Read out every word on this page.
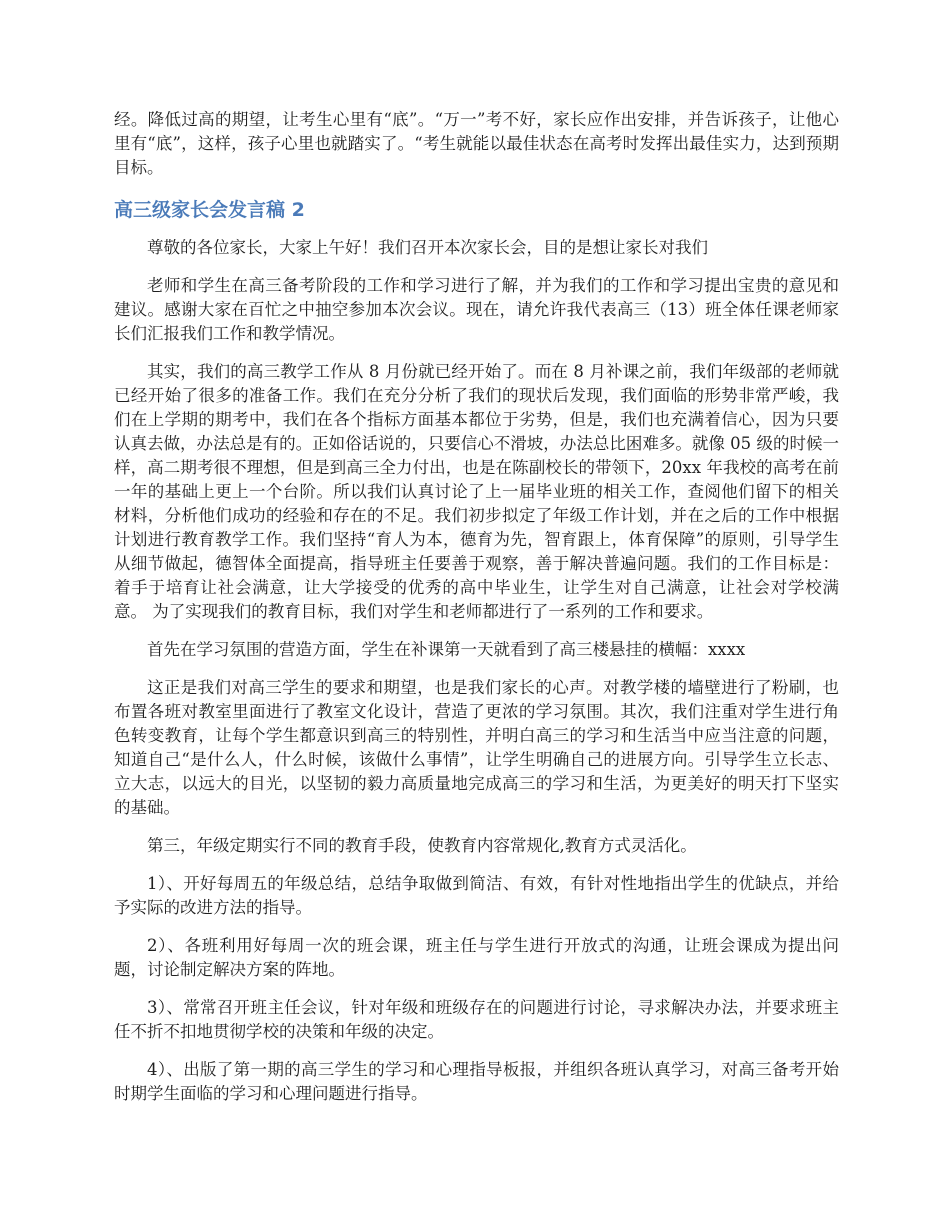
经。降低过高的期望，让考生心里有“底”。“万一”考不好，家长应作出安排，并告诉孩子，让他心里有“底”，这样，孩子心里也就踏实了。“考生就能以最佳状态在高考时发挥出最佳实力，达到预期目标。

高三级家长会发言稿 2

尊敬的各位家长，大家上午好！我们召开本次家长会，目的是想让家长对我们

老师和学生在高三备考阶段的工作和学习进行了解，并为我们的工作和学习提出宝贵的意见和建议。感谢大家在百忙之中抽空参加本次会议。现在，请允许我代表高三（13）班全体任课老师家长们汇报我们工作和教学情况。

其实，我们的高三教学工作从 8 月份就已经开始了。而在 8 月补课之前，我们年级部的老师就已经开始了很多的准备工作。我们在充分分析了我们的现状后发现，我们面临的形势非常严峻，我们在上学期的期考中，我们在各个指标方面基本都位于劣势，但是，我们也充满着信心，因为只要认真去做，办法总是有的。正如俗话说的，只要信心不滑坡，办法总比困难多。就像 05 级的时候一样，高二期考很不理想，但是到高三全力付出，也是在陈副校长的带领下，20xx 年我校的高考在前一年的基础上更上一个台阶。所以我们认真讨论了上一届毕业班的相关工作，查阅他们留下的相关材料，分析他们成功的经验和存在的不足。我们初步拟定了年级工作计划，并在之后的工作中根据计划进行教育教学工作。我们坚持“育人为本，德育为先，智育跟上，体育保障”的原则，引导学生从细节做起，德智体全面提高，指导班主任要善于观察，善于解决普遍问题。我们的工作目标是：着手于培育让社会满意，让大学接受的优秀的高中毕业生，让学生对自己满意，让社会对学校满意。 为了实现我们的教育目标，我们对学生和老师都进行了一系列的工作和要求。

首先在学习氛围的营造方面，学生在补课第一天就看到了高三楼悬挂的横幅：xxxx

这正是我们对高三学生的要求和期望，也是我们家长的心声。对教学楼的墙壁进行了粉刷，也布置各班对教室里面进行了教室文化设计，营造了更浓的学习氛围。其次，我们注重对学生进行角色转变教育，让每个学生都意识到高三的特别性，并明白高三的学习和生活当中应当注意的问题，知道自己“是什么人，什么时候，该做什么事情”，让学生明确自己的进展方向。引导学生立长志、立大志，以远大的目光，以坚韧的毅力高质量地完成高三的学习和生活，为更美好的明天打下坚实的基础。

第三，年级定期实行不同的教育手段，使教育内容常规化,教育方式灵活化。

1）、开好每周五的年级总结，总结争取做到简洁、有效，有针对性地指出学生的优缺点，并给予实际的改进方法的指导。

2）、各班利用好每周一次的班会课，班主任与学生进行开放式的沟通，让班会课成为提出问题，讨论制定解决方案的阵地。

3）、常常召开班主任会议，针对年级和班级存在的问题进行讨论，寻求解决办法，并要求班主任不折不扣地贯彻学校的决策和年级的决定。

4）、出版了第一期的高三学生的学习和心理指导板报，并组织各班认真学习，对高三备考开始时期学生面临的学习和心理问题进行指导。
